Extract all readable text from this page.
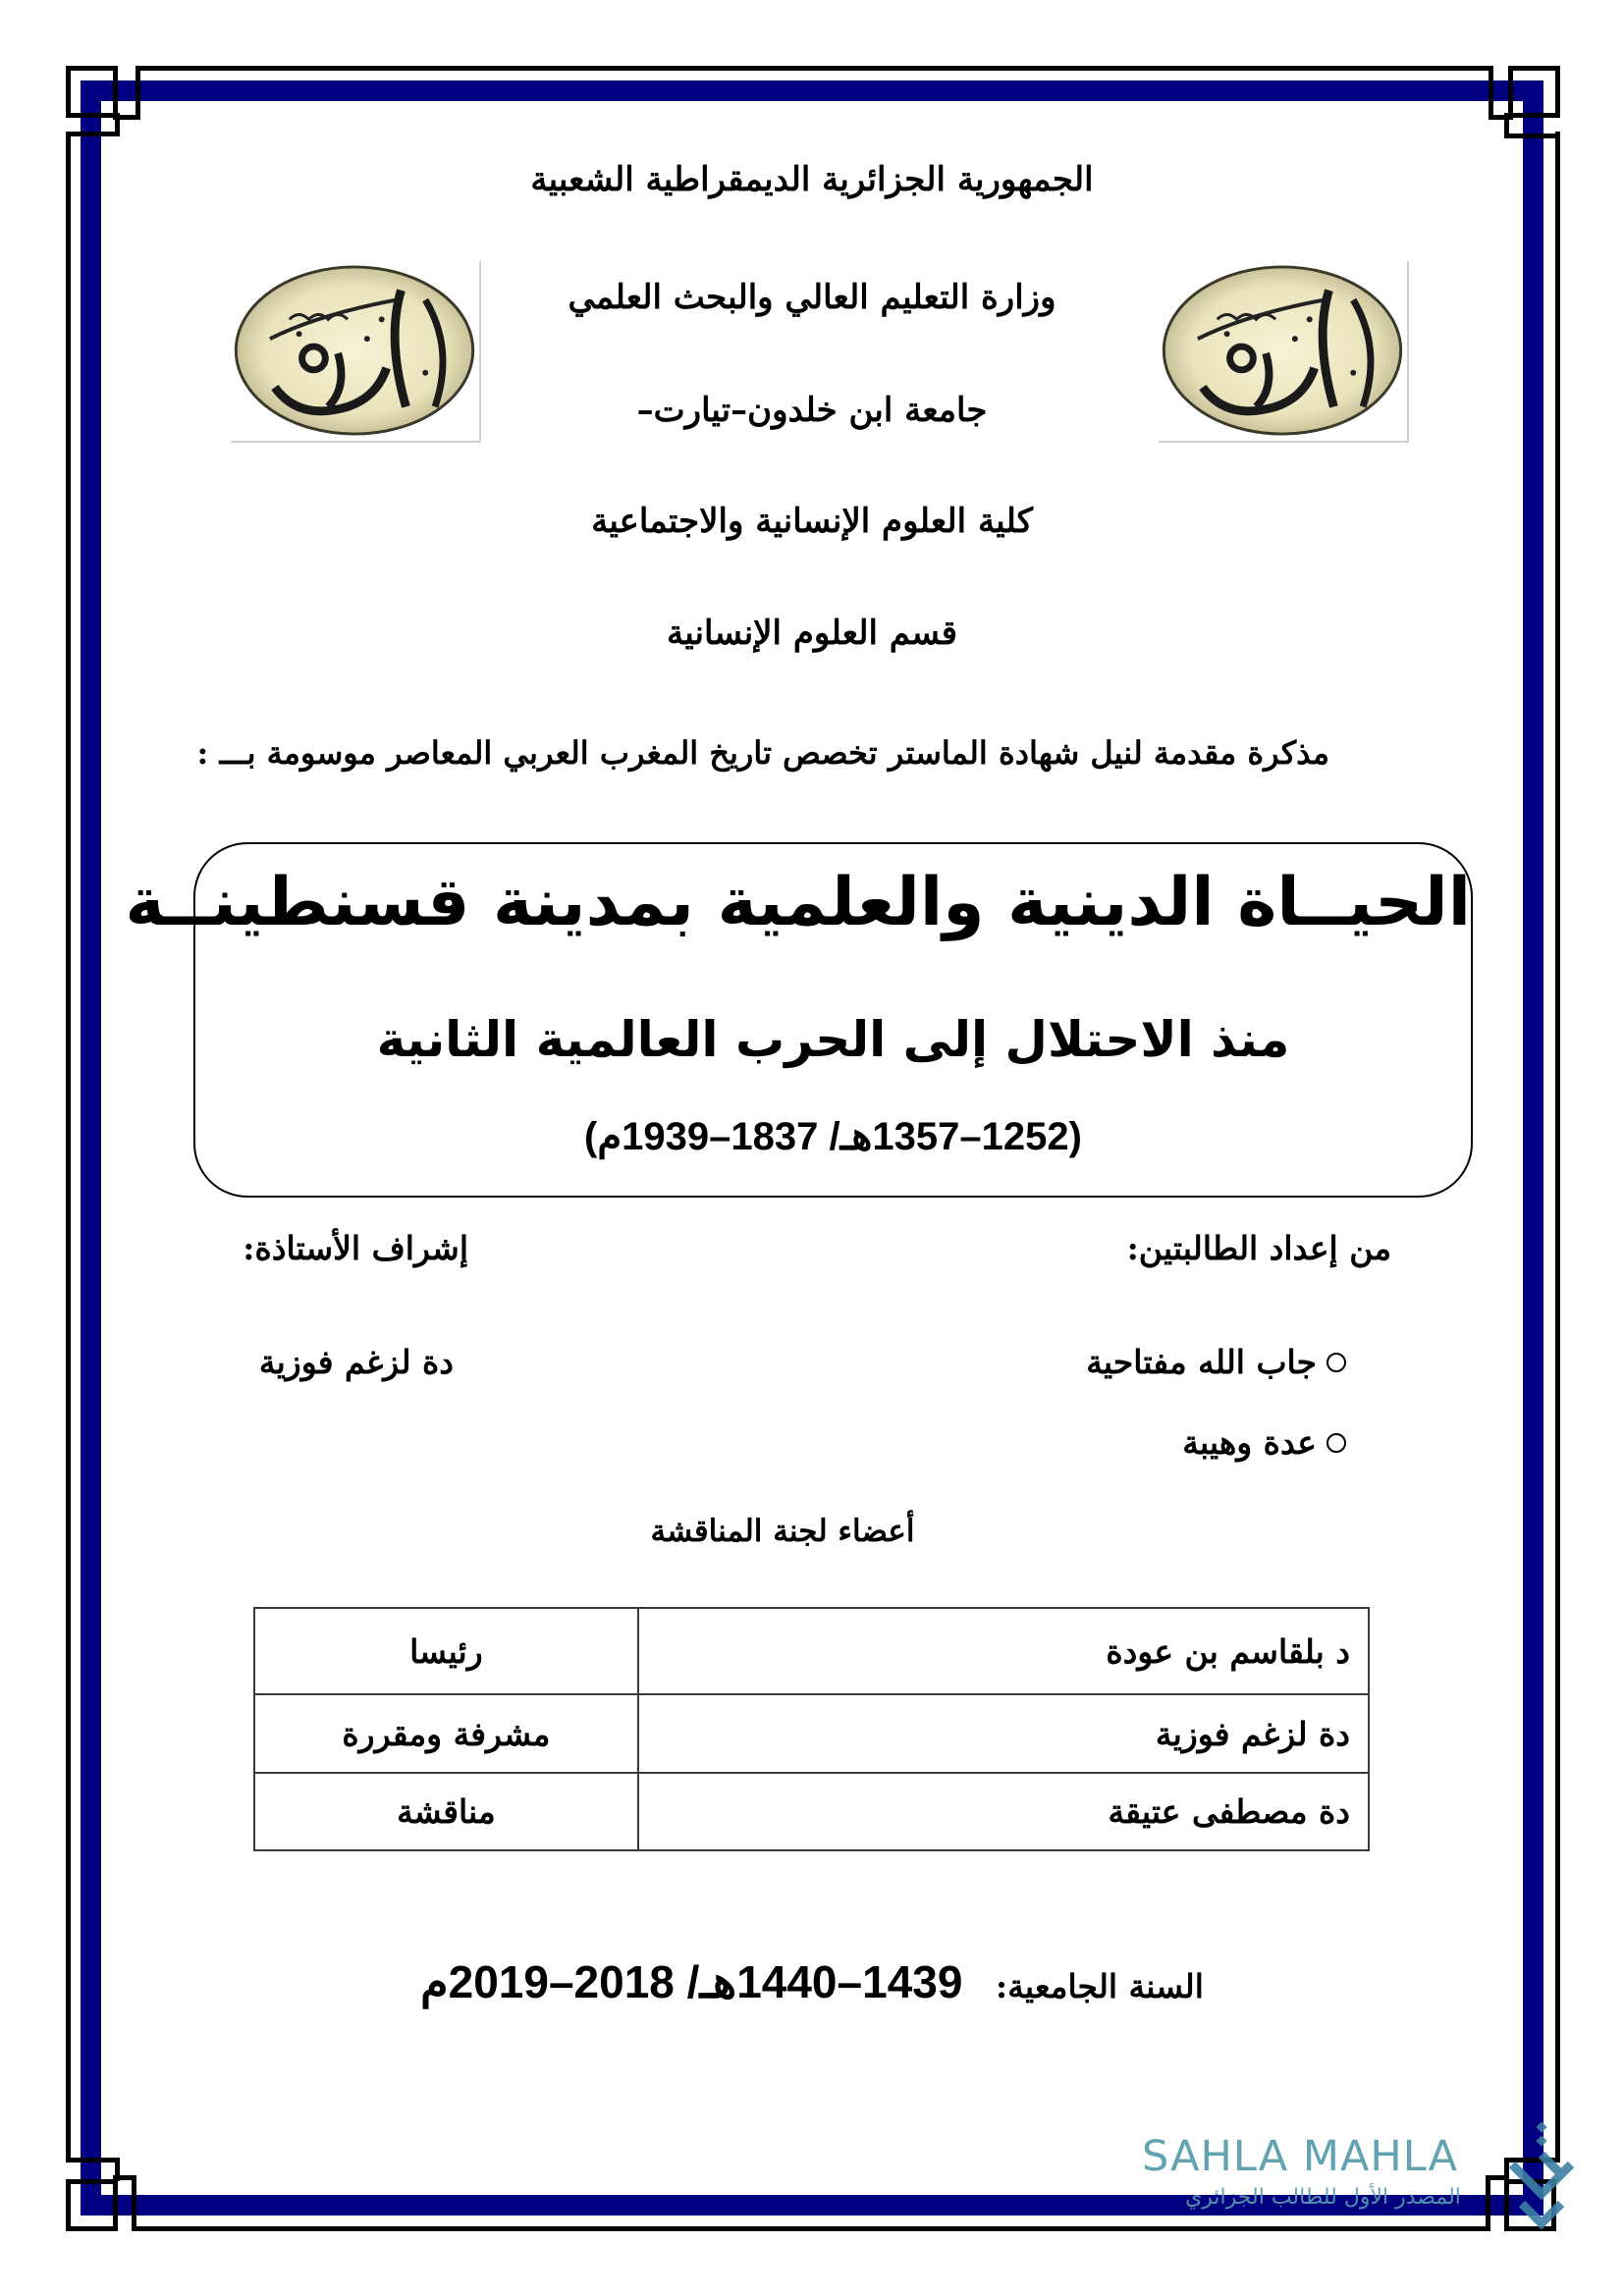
الجمهورية الجزائرية الديمقراطية الشعبية
وزارة التعليم العالي والبحث العلمي
جامعة ابن خلدون–تيارت–
كلية العلوم الإنسانية والاجتماعية
قسم العلوم الإنسانية
مذكرة مقدمة لنيل شهادة الماستر تخصص تاريخ المغرب العربي المعاصر موسومة بـــ :
الحيــاة الدينية والعلمية بمدينة قسنطينــة
منذ الاحتلال إلى الحرب العالمية الثانية
(1252–1357هـ/ 1837–1939م)
من إعداد الطالبتين:
إشراف الأستاذة:
جاب الله مفتاحية
عدة وهيبة
دة لزغم فوزية
أعضاء لجنة المناقشة
د بلقاسم بن عودة	رئيسا
دة لزغم فوزية	مشرفة ومقررة
دة مصطفى عتيقة	مناقشة
السنة الجامعية: 1439–1440هـ/ 2018–2019م
SAHLA MAHLA
المصدر الأول للطالب الجزائري
